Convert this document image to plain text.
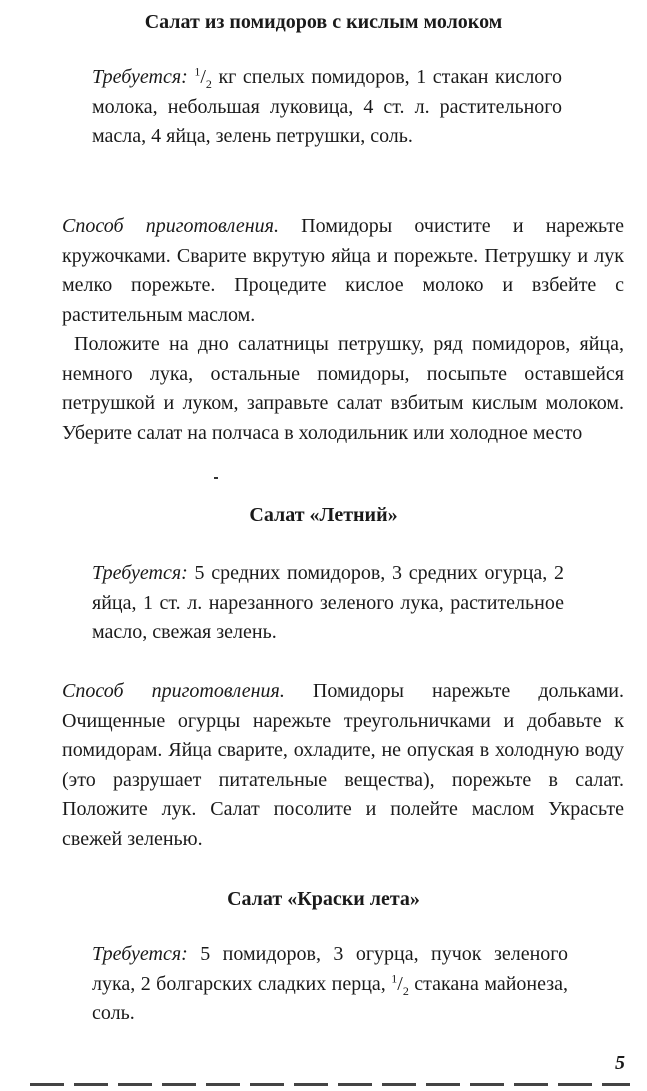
Салат из помидоров с кислым молоком

Требуется: $^1/_2$ кг спелых помидоров, 1 стакан кислого молока, небольшая луковица, 4 ст. л. растительного масла, 4 яйца, зелень петрушки, соль.

Способ приготовления. Помидоры очистите и нарежьте кружочками. Сварите вкрутую яйца и порежьте. Петрушку и лук мелко порежьте. Процедите кислое молоко и взбейте с растительным маслом.

Положите на дно салатницы петрушку, ряд помидоров, яйца, немного лука, остальные помидоры, посыпьте оставшейся петрушкой и луком, заправьте салат взбитым кислым молоком. Уберите салат на полчаса в холодильник или холодное место

Салат «Летний»

Требуется: 5 средних помидоров, 3 средних огурца, 2 яйца, 1 ст. л. нарезанного зеленого лука, растительное масло, свежая зелень.

Способ приготовления. Помидоры нарежьте дольками. Очищенные огурцы нарежьте треугольничками и добавьте к помидорам. Яйца сварите, охладите, не опуская в холодную воду (это разрушает питательные вещества), порежьте в салат. Положите лук. Салат посолите и полейте маслом Украсьте свежей зеленью.

Салат «Краски лета»

Требуется: 5 помидоров, 3 огурца, пучок зеленого лука, 2 болгарских сладких перца, $^1/_2$ стакана майонеза, соль.

5
